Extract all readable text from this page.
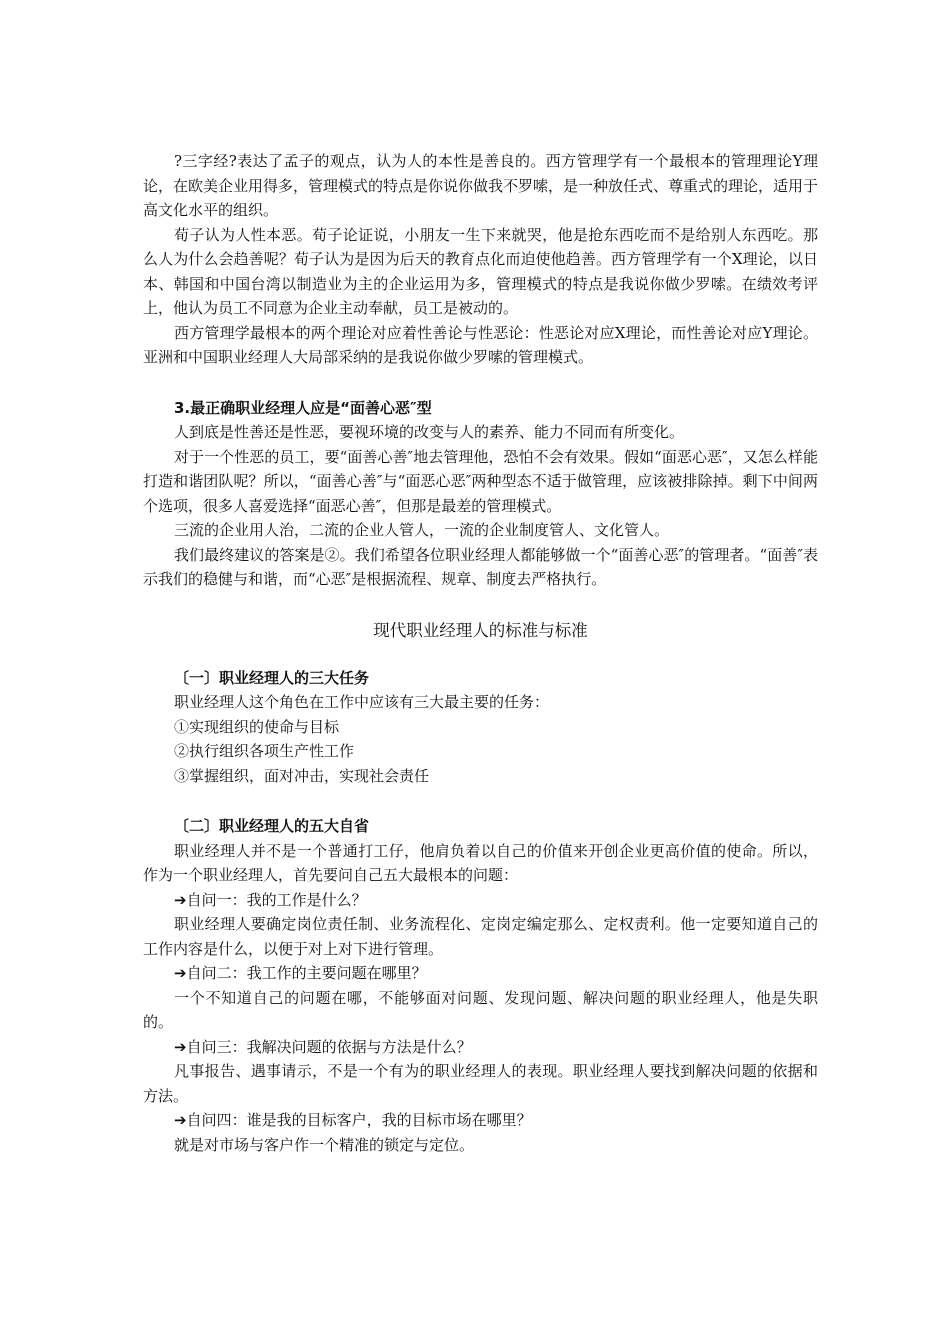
?三字经?表达了孟子的观点，认为人的本性是善良的。西方管理学有一个最根本的管理理论Y理论，在欧美企业用得多，管理模式的特点是你说你做我不罗嗦，是一种放任式、尊重式的理论，适用于高文化水平的组织。

荀子认为人性本恶。荀子论证说，小朋友一生下来就哭，他是抢东西吃而不是给别人东西吃。那么人为什么会趋善呢？荀子认为是因为后天的教育点化而迫使他趋善。西方管理学有一个X理论，以日本、韩国和中国台湾以制造业为主的企业运用为多，管理模式的特点是我说你做少罗嗦。在绩效考评上，他认为员工不同意为企业主动奉献，员工是被动的。

西方管理学最根本的两个理论对应着性善论与性恶论：性恶论对应X理论，而性善论对应Y理论。亚洲和中国职业经理人大局部采纳的是我说你做少罗嗦的管理模式。

3.最正确职业经理人应是“面善心恶″型

人到底是性善还是性恶，要视环境的改变与人的素养、能力不同而有所变化。

对于一个性恶的员工，要“面善心善″地去管理他，恐怕不会有效果。假如“面恶心恶″，又怎么样能打造和谐团队呢？所以，“面善心善″与“面恶心恶″两种型态不适于做管理，应该被排除掉。剩下中间两个选项，很多人喜爱选择“面恶心善″，但那是最差的管理模式。

三流的企业用人治，二流的企业人管人，一流的企业制度管人、文化管人。

我们最终建议的答案是②。我们希望各位职业经理人都能够做一个“面善心恶″的管理者。“面善″表示我们的稳健与和谐，而“心恶″是根据流程、规章、制度去严格执行。

现代职业经理人的标准与标准

〔一〕职业经理人的三大任务

职业经理人这个角色在工作中应该有三大最主要的任务：

①实现组织的使命与目标

②执行组织各项生产性工作

③掌握组织，面对冲击，实现社会责任

〔二〕职业经理人的五大自省

职业经理人并不是一个普通打工仔，他肩负着以自己的价值来开创企业更高价值的使命。所以，作为一个职业经理人，首先要问自己五大最根本的问题：

➔自问一：我的工作是什么？

职业经理人要确定岗位责任制、业务流程化、定岗定编定那么、定权责利。他一定要知道自己的工作内容是什么，以便于对上对下进行管理。

➔自问二：我工作的主要问题在哪里？

一个不知道自己的问题在哪，不能够面对问题、发现问题、解决问题的职业经理人，他是失职的。

➔自问三：我解决问题的依据与方法是什么？

凡事报告、遇事请示，不是一个有为的职业经理人的表现。职业经理人要找到解决问题的依据和方法。

➔自问四：谁是我的目标客户，我的目标市场在哪里？

就是对市场与客户作一个精准的锁定与定位。
